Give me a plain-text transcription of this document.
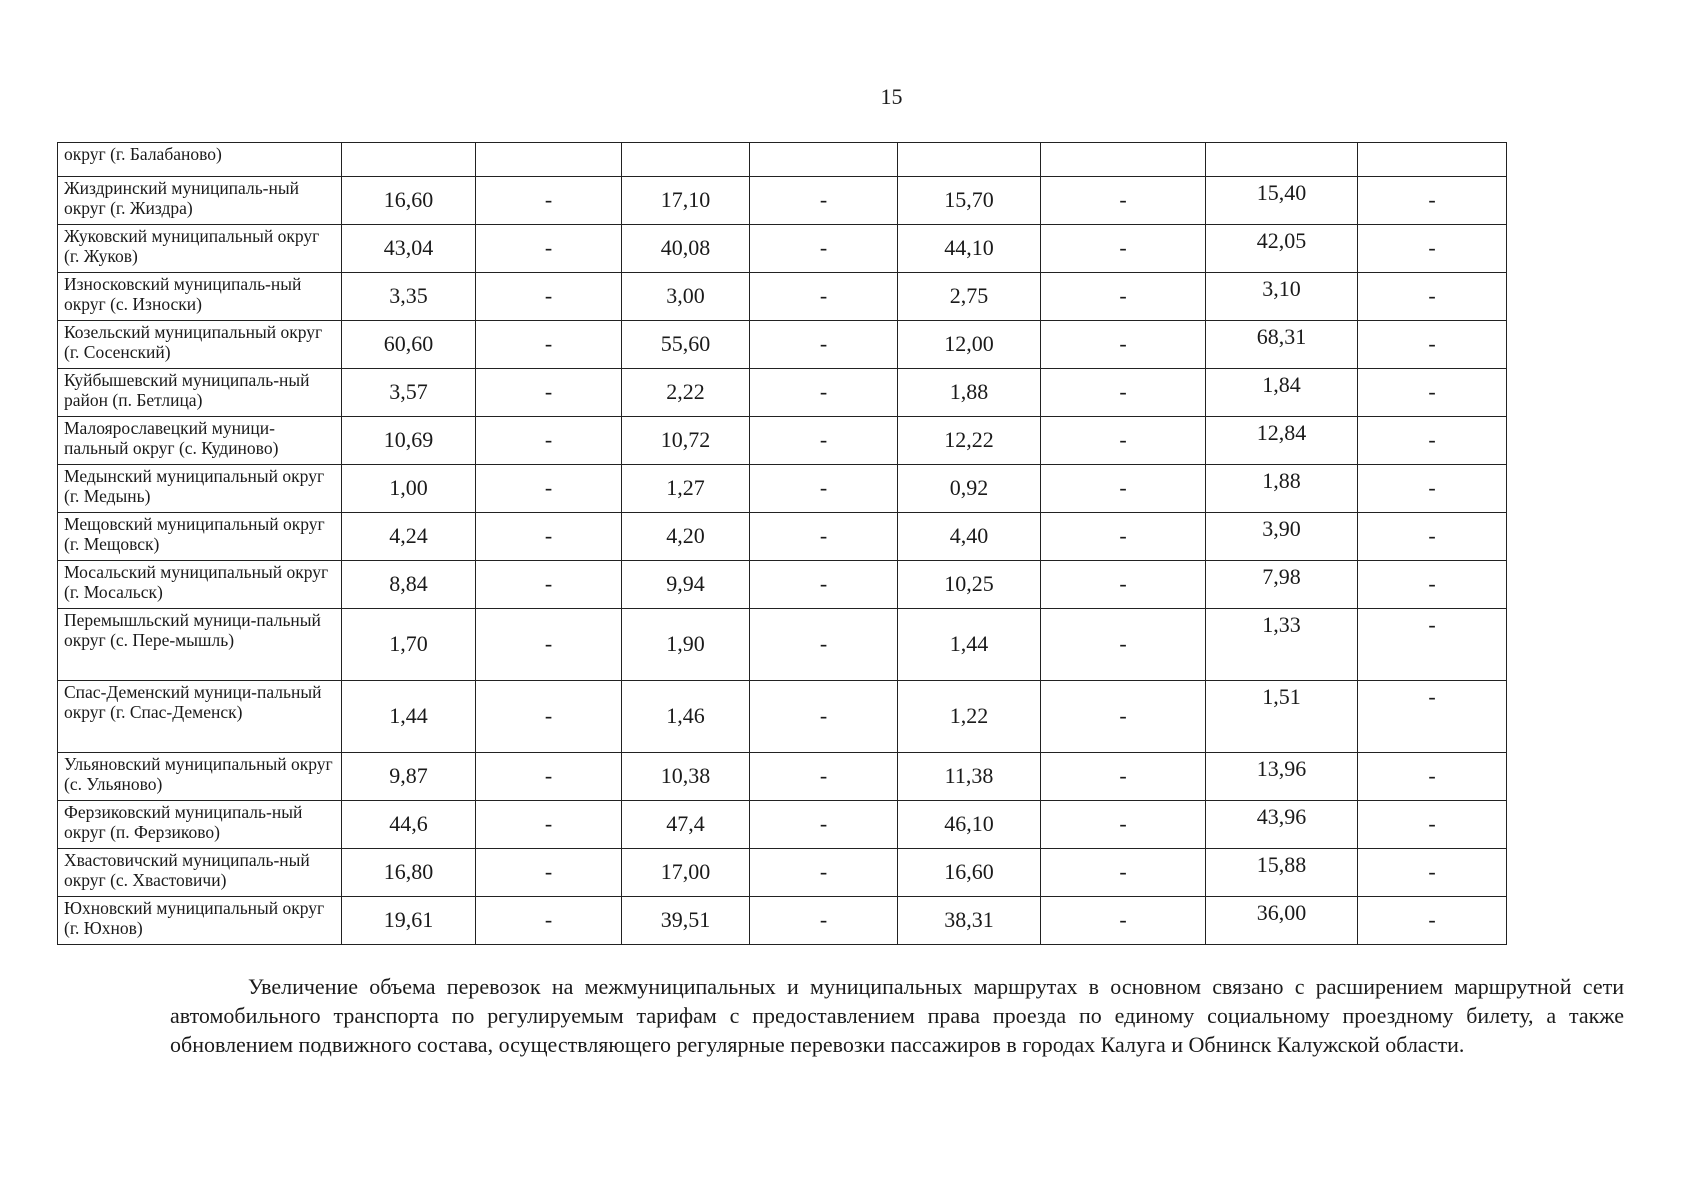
15
округ (г. Балабаново)								
Жиздринский муниципаль-ный округ (г. Жиздра)	16,60	-	17,10	-	15,70	-	15,40	-
Жуковский муниципальный округ (г. Жуков)	43,04	-	40,08	-	44,10	-	42,05	-
Износковский муниципаль-ный округ (с. Износки)	3,35	-	3,00	-	2,75	-	3,10	-
Козельский муниципальный округ (г. Сосенский)	60,60	-	55,60	-	12,00	-	68,31	-
Куйбышевский муниципаль-ный район (п. Бетлица)	3,57	-	2,22	-	1,88	-	1,84	-
Малоярославецкий муници-пальный округ (с. Кудиново)	10,69	-	10,72	-	12,22	-	12,84	-
Медынский муниципальный округ (г. Медынь)	1,00	-	1,27	-	0,92	-	1,88	-
Мещовский муниципальный округ (г. Мещовск)	4,24	-	4,20	-	4,40	-	3,90	-
Мосальский муниципальный округ (г. Мосальск)	8,84	-	9,94	-	10,25	-	7,98	-
Перемышльский муници-пальный округ (с. Пере-мышль)	1,70	-	1,90	-	1,44	-	1,33	-
Спас-Деменский муници-пальный округ (г. Спас-Деменск)	1,44	-	1,46	-	1,22	-	1,51	-
Ульяновский муниципальный округ (с. Ульяново)	9,87	-	10,38	-	11,38	-	13,96	-
Ферзиковский муниципаль-ный округ (п. Ферзиково)	44,6	-	47,4	-	46,10	-	43,96	-
Хвастовичский муниципаль-ный округ (с. Хвастовичи)	16,80	-	17,00	-	16,60	-	15,88	-
Юхновский муниципальный округ (г. Юхнов)	19,61	-	39,51	-	38,31	-	36,00	-

Увеличение объема перевозок на межмуниципальных и муниципальных маршрутах в основном связано с расширением маршрутной сети автомобильного транспорта по регулируемым тарифам с предоставлением права проезда по единому социальному проездному билету, а также обновлением подвижного состава, осуществляющего регулярные перевозки пассажиров в городах Калуга и Обнинск Калужской области.
